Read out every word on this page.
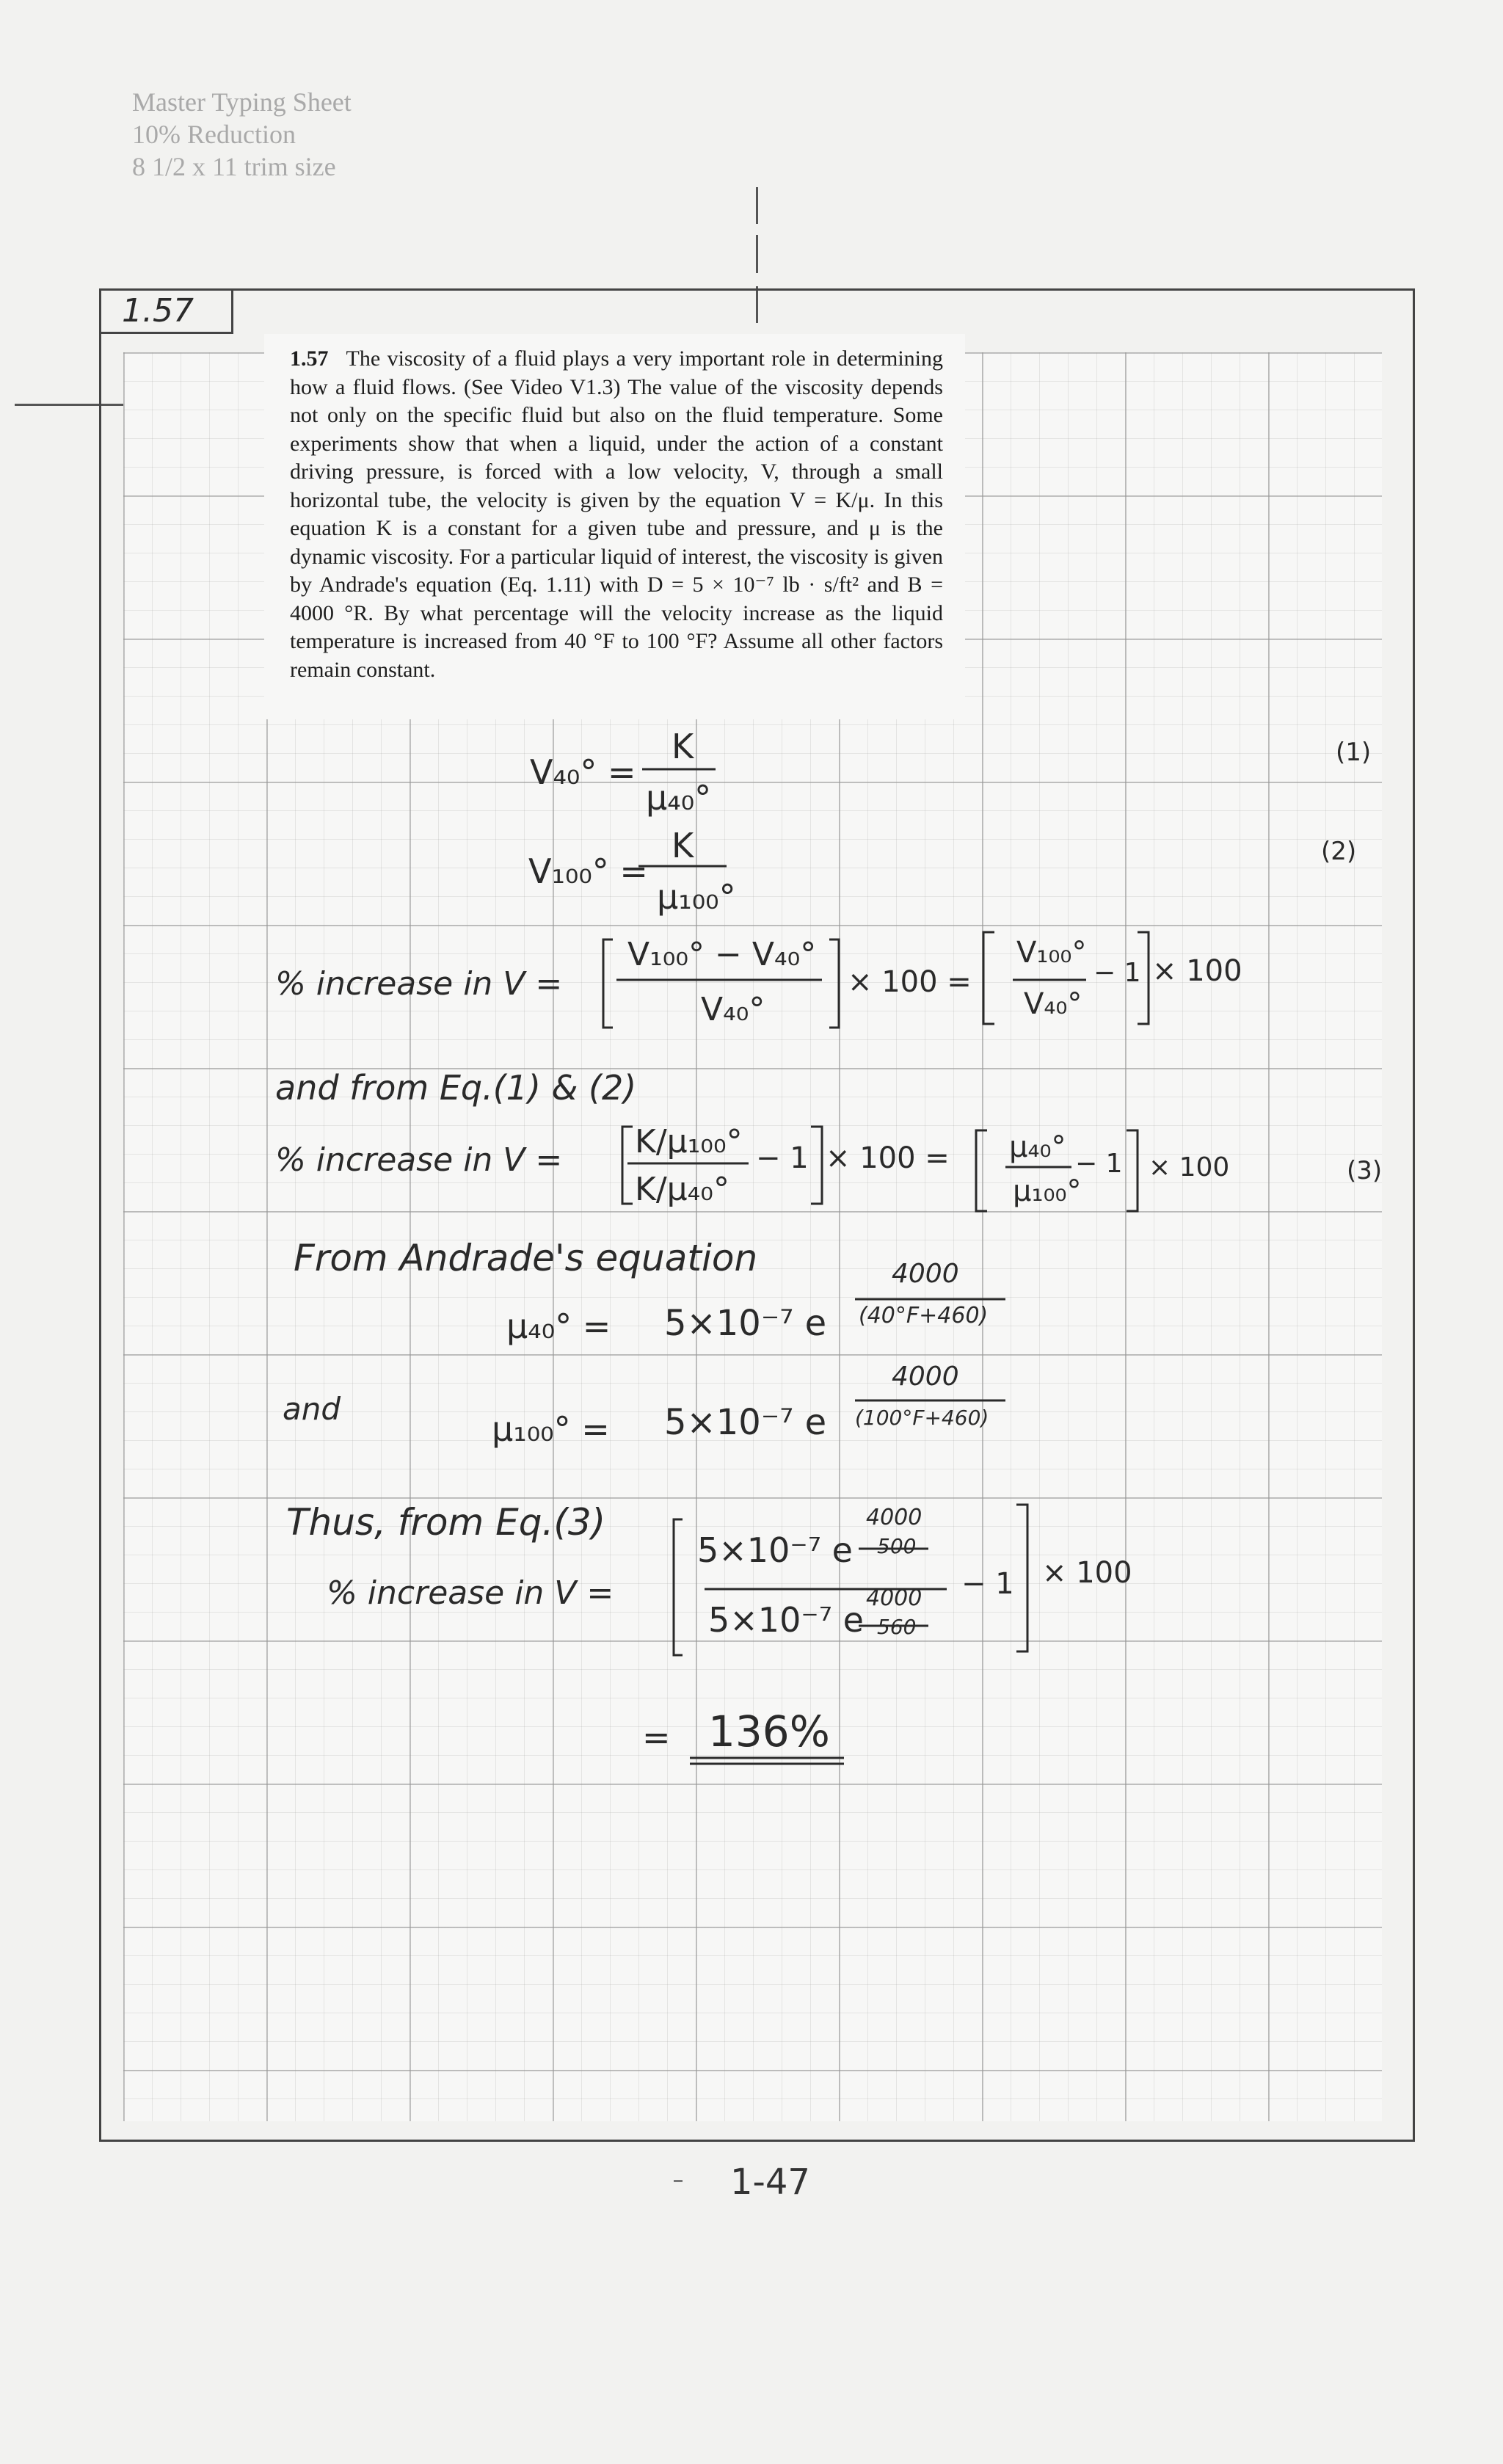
Master Typing Sheet
10% Reduction
8 1/2 x 11 trim size
1.57
1.57 The viscosity of a fluid plays a very important role in determining how a fluid flows. (See Video V1.3) The value of the viscosity depends not only on the specific fluid but also on the fluid temperature. Some experiments show that when a liquid, under the action of a constant driving pressure, is forced with a low velocity, V, through a small horizontal tube, the velocity is given by the equation V = K/μ. In this equation K is a constant for a given tube and pressure, and μ is the dynamic viscosity. For a particular liquid of interest, the viscosity is given by Andrade's equation (Eq. 1.11) with D = 5 × 10⁻⁷ lb · s/ft² and B = 4000 °R. By what percentage will the velocity increase as the liquid temperature is increased from 40 °F to 100 °F? Assume all other factors remain constant.
V₄₀° =
K
μ₄₀°
(1)
V₁₀₀° =
K
μ₁₀₀°
(2)
% increase in V =
V₁₀₀° − V₄₀°
V₄₀°
× 100 =
V₁₀₀°
V₄₀°
− 1 × 100
and from Eq.(1) & (2)
% increase in V = K/μ₁₀₀°
K/μ₄₀°
− 1 × 100 = μ₄₀°
μ₁₀₀°
− 1 × 100	(3)
From Andrade's equation
μ₄₀° = 5×10⁻⁷ e
4000
(40°F+460)
and
μ₁₀₀° = 5×10⁻⁷ e
4000
(100°F+460)
Thus, from Eq.(3)
% increase in V =
5×10⁻⁷ e
4000
500
5×10⁻⁷ e
4000
560
− 1 × 100
= 136%
1-47
